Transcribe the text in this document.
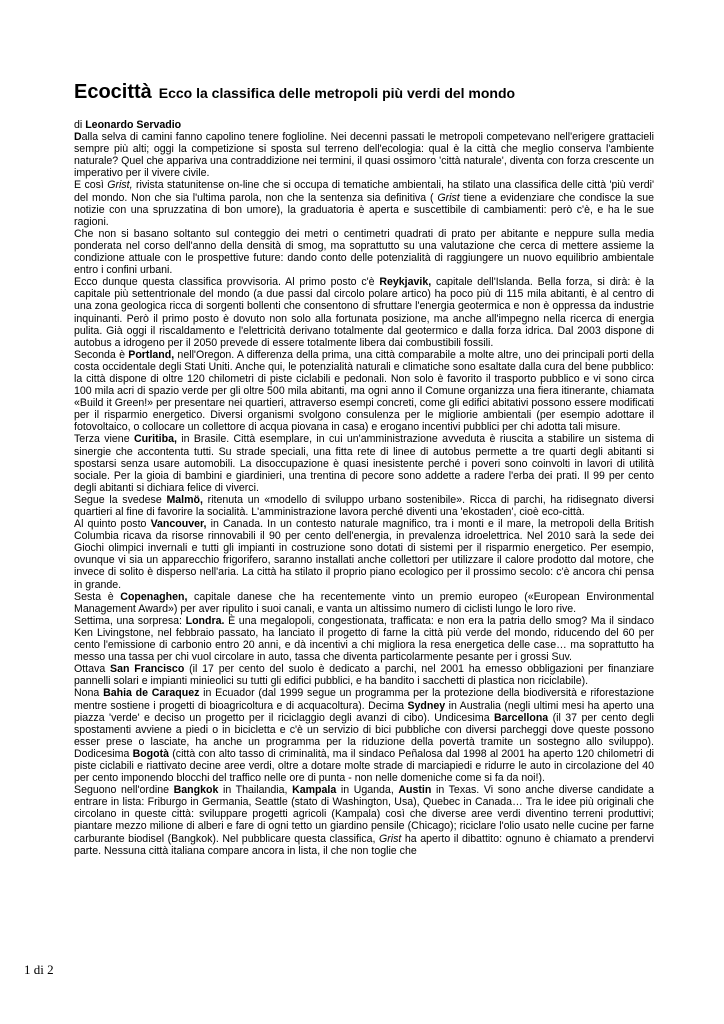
Ecocittà Ecco la classifica delle metropoli più verdi del mondo

di Leonardo Servadio

Dalla selva di camini fanno capolino tenere foglioline. Nei decenni passati le metropoli competevano nell'erigere grattacieli sempre più alti; oggi la competizione si sposta sul terreno dell'ecologia: qual è la città che meglio conserva l'ambiente naturale? Quel che appariva una contraddizione nei termini, il quasi ossimoro 'città naturale', diventa con forza crescente un imperativo per il vivere civile.

E così Grist, rivista statunitense on-line che si occupa di tematiche ambientali, ha stilato una classifica delle città 'più verdi' del mondo. Non che sia l'ultima parola, non che la sentenza sia definitiva ( Grist tiene a evidenziare che condisce la sue notizie con una spruzzatina di bon umore), la graduatoria è aperta e suscettibile di cambiamenti: però c'è, e ha le sue ragioni.

Che non si basano soltanto sul conteggio dei metri o centimetri quadrati di prato per abitante e neppure sulla media ponderata nel corso dell'anno della densità di smog, ma soprattutto su una valutazione che cerca di mettere assieme la condizione attuale con le prospettive future: dando conto delle potenzialità di raggiungere un nuovo equilibrio ambientale entro i confini urbani.

Ecco dunque questa classifica provvisoria. Al primo posto c'è Reykjavik, capitale dell'Islanda. Bella forza, si dirà: è la capitale più settentrionale del mondo (a due passi dal circolo polare artico) ha poco più di 115 mila abitanti, è al centro di una zona geologica ricca di sorgenti bollenti che consentono di sfruttare l'energia geotermica e non è oppressa da industrie inquinanti. Però il primo posto è dovuto non solo alla fortunata posizione, ma anche all'impegno nella ricerca di energia pulita. Già oggi il riscaldamento e l'elettricità derivano totalmente dal geotermico e dalla forza idrica. Dal 2003 dispone di autobus a idrogeno per il 2050 prevede di essere totalmente libera dai combustibili fossili.

Seconda è Portland, nell'Oregon. A differenza della prima, una città comparabile a molte altre, uno dei principali porti della costa occidentale degli Stati Uniti. Anche qui, le potenzialità naturali e climatiche sono esaltate dalla cura del bene pubblico: la città dispone di oltre 120 chilometri di piste ciclabili e pedonali. Non solo è favorito il trasporto pubblico e vi sono circa 100 mila acri di spazio verde per gli oltre 500 mila abitanti, ma ogni anno il Comune organizza una fiera itinerante, chiamata «Build it Green!» per presentare nei quartieri, attraverso esempi concreti, come gli edifici abitativi possono essere modificati per il risparmio energetico. Diversi organismi svolgono consulenza per le migliorie ambientali (per esempio adottare il fotovoltaico, o collocare un collettore di acqua piovana in casa) e erogano incentivi pubblici per chi adotta tali misure.

Terza viene Curitiba, in Brasile. Città esemplare, in cui un'amministrazione avveduta è riuscita a stabilire un sistema di sinergie che accontenta tutti. Su strade speciali, una fitta rete di linee di autobus permette a tre quarti degli abitanti si spostarsi senza usare automobili. La disoccupazione è quasi inesistente perché i poveri sono coinvolti in lavori di utilità sociale. Per la gioia di bambini e giardinieri, una trentina di pecore sono addette a radere l'erba dei prati. Il 99 per cento degli abitanti si dichiara felice di viverci.

Segue la svedese Malmö, ritenuta un «modello di sviluppo urbano sostenibile». Ricca di parchi, ha ridisegnato diversi quartieri al fine di favorire la socialità. L'amministrazione lavora perché diventi una 'ekostaden', cioè eco-città.

Al quinto posto Vancouver, in Canada. In un contesto naturale magnifico, tra i monti e il mare, la metropoli della British Columbia ricava da risorse rinnovabili il 90 per cento dell'energia, in prevalenza idroelettrica. Nel 2010 sarà la sede dei Giochi olimpici invernali e tutti gli impianti in costruzione sono dotati di sistemi per il risparmio energetico. Per esempio, ovunque vi sia un apparecchio frigorifero, saranno installati anche collettori per utilizzare il calore prodotto dal motore, che invece di solito è disperso nell'aria. La città ha stilato il proprio piano ecologico per il prossimo secolo: c'è ancora chi pensa in grande.

Sesta è Copenaghen, capitale danese che ha recentemente vinto un premio europeo («European Environmental Management Award») per aver ripulito i suoi canali, e vanta un altissimo numero di ciclisti lungo le loro rive.

Settima, una sorpresa: Londra. È una megalopoli, congestionata, trafficata: e non era la patria dello smog? Ma il sindaco Ken Livingstone, nel febbraio passato, ha lanciato il progetto di farne la città più verde del mondo, riducendo del 60 per cento l'emissione di carbonio entro 20 anni, e dà incentivi a chi migliora la resa energetica delle case… ma soprattutto ha messo una tassa per chi vuol circolare in auto, tassa che diventa particolarmente pesante per i grossi Suv.

Ottava San Francisco (il 17 per cento del suolo è dedicato a parchi, nel 2001 ha emesso obbligazioni per finanziare pannelli solari e impianti minieolici su tutti gli edifici pubblici, e ha bandito i sacchetti di plastica non riciclabile).

Nona Bahia de Caraquez in Ecuador (dal 1999 segue un programma per la protezione della biodiversità e riforestazione mentre sostiene i progetti di bioagricoltura e di acquacoltura). Decima Sydney in Australia (negli ultimi mesi ha aperto una piazza 'verde' e deciso un progetto per il riciclaggio degli avanzi di cibo). Undicesima Barcellona (il 37 per cento degli spostamenti avviene a piedi o in bicicletta e c'è un servizio di bici pubbliche con diversi parcheggi dove queste possono esser prese o lasciate, ha anche un programma per la riduzione della povertà tramite un sostegno allo sviluppo). Dodicesima Bogotà (città con alto tasso di criminalità, ma il sindaco Peñalosa dal 1998 al 2001 ha aperto 120 chilometri di piste ciclabili e riattivato decine aree verdi, oltre a dotare molte strade di marciapiedi e ridurre le auto in circolazione del 40 per cento imponendo blocchi del traffico nelle ore di punta - non nelle domeniche come si fa da noi!).

Seguono nell'ordine Bangkok in Thailandia, Kampala in Uganda, Austin in Texas. Vi sono anche diverse candidate a entrare in lista: Friburgo in Germania, Seattle (stato di Washington, Usa), Quebec in Canada… Tra le idee più originali che circolano in queste città: sviluppare progetti agricoli (Kampala) così che diverse aree verdi diventino terreni produttivi; piantare mezzo milione di alberi e fare di ogni tetto un giardino pensile (Chicago); riciclare l'olio usato nelle cucine per farne carburante biodisel (Bangkok). Nel pubblicare questa classifica, Grist ha aperto il dibattito: ognuno è chiamato a prendervi parte. Nessuna città italiana compare ancora in lista, il che non toglie che

1 di 2
